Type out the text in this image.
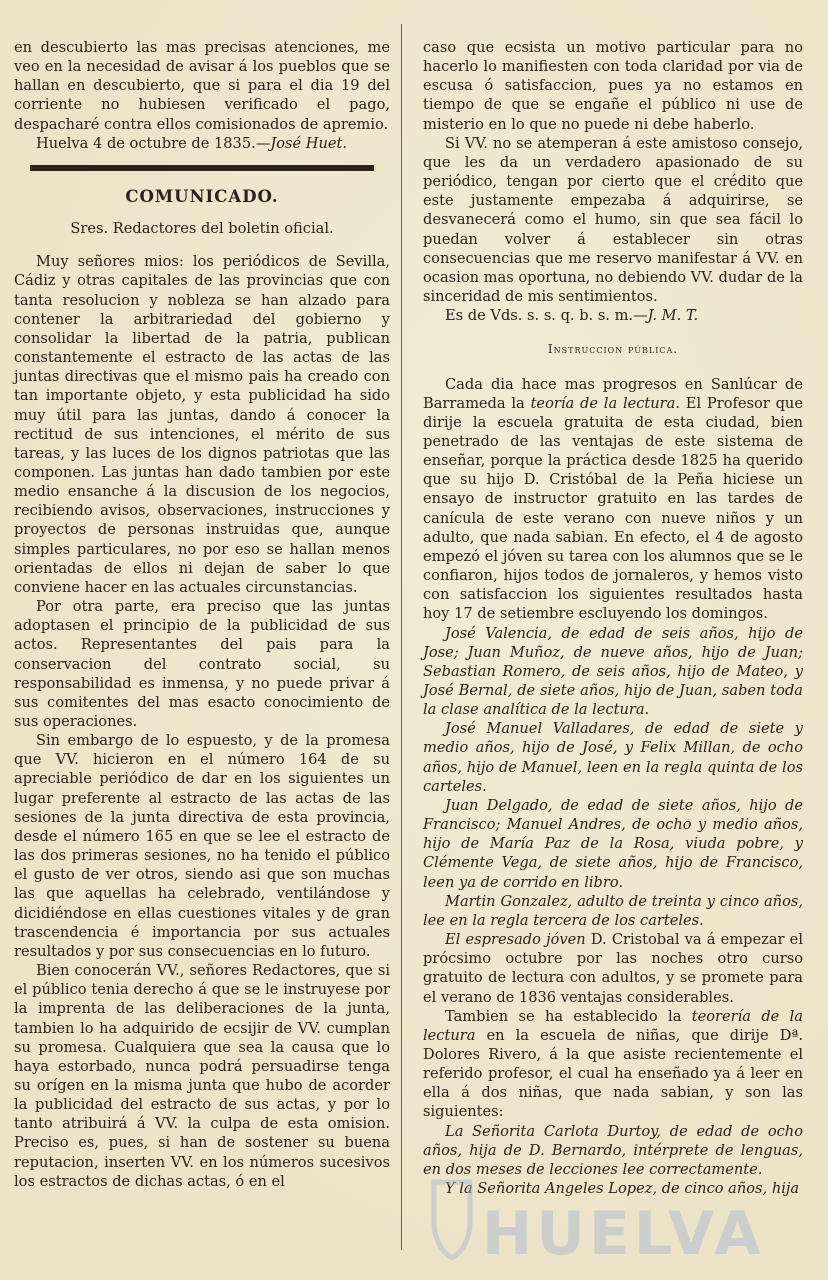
en descubierto las mas precisas atenciones, me veo en la necesidad de avisar á los pueblos que se hallan en descubierto, que si para el dia 19 del corriente no hubiesen verificado el pago, despacharé contra ellos comisionados de apremio.

Huelva 4 de octubre de 1835.—José Huet.

COMUNICADO.

Sres. Redactores del boletin oficial.

Muy señores mios: los periódicos de Sevilla, Cádiz y otras capitales de las provincias que con tanta resolucion y nobleza se han alzado para contener la arbitrariedad del gobierno y consolidar la libertad de la patria, publican constantemente el estracto de las actas de las juntas directivas que el mismo pais ha creado con tan importante objeto, y esta publicidad ha sido muy útil para las juntas, dando á conocer la rectitud de sus intenciones, el mérito de sus tareas, y las luces de los dignos patriotas que las componen. Las juntas han dado tambien por este medio ensanche á la discusion de los negocios, recibiendo avisos, observaciones, instrucciones y proyectos de personas instruidas que, aunque simples particulares, no por eso se hallan menos orientadas de ellos ni dejan de saber lo que conviene hacer en las actuales circunstancias.

Por otra parte, era preciso que las juntas adoptasen el principio de la publicidad de sus actos. Representantes del pais para la conservacion del contrato social, su responsabilidad es inmensa, y no puede privar á sus comitentes del mas esacto conocimiento de sus operaciones.

Sin embargo de lo espuesto, y de la promesa que VV. hicieron en el número 164 de su apreciable periódico de dar en los siguientes un lugar preferente al estracto de las actas de las sesiones de la junta directiva de esta provincia, desde el número 165 en que se lee el estracto de las dos primeras sesiones, no ha tenido el público el gusto de ver otros, siendo asi que son muchas las que aquellas ha celebrado, ventilándose y dicidiéndose en ellas cuestiones vitales y de gran trascendencia é importancia por sus actuales resultados y por sus consecuencias en lo futuro.

Bien conocerán VV., señores Redactores, que si el público tenia derecho á que se le instruyese por la imprenta de las deliberaciones de la junta, tambien lo ha adquirido de ecsijir de VV. cumplan su promesa. Cualquiera que sea la causa que lo haya estorbado, nunca podrá persuadirse tenga su orígen en la misma junta que hubo de acorder la publicidad del estracto de sus actas, y por lo tanto atribuirá á VV. la culpa de esta omision. Preciso es, pues, si han de sostener su buena reputacion, inserten VV. en los números sucesivos los estractos de dichas actas, ó en el

caso que ecsista un motivo particular para no hacerlo lo manifiesten con toda claridad por via de escusa ó satisfaccion, pues ya no estamos en tiempo de que se engañe el público ni use de misterio en lo que no puede ni debe haberlo.

Si VV. no se atemperan á este amistoso consejo, que les da un verdadero apasionado de su periódico, tengan por cierto que el crédito que este justamente empezaba á adquirirse, se desvanecerá como el humo, sin que sea fácil lo puedan volver á establecer sin otras consecuencias que me reservo manifestar á VV. en ocasion mas oportuna, no debiendo VV. dudar de la sinceridad de mis sentimientos.

Es de Vds. s. s. q. b. s. m.—J. M. T.

Instruccion pública.

Cada dia hace mas progresos en Sanlúcar de Barrameda la teoría de la lectura. El Profesor que dirije la escuela gratuita de esta ciudad, bien penetrado de las ventajas de este sistema de enseñar, porque la práctica desde 1825 ha querido que su hijo D. Cristóbal de la Peña hiciese un ensayo de instructor gratuito en las tardes de canícula de este verano con nueve niños y un adulto, que nada sabian. En efecto, el 4 de agosto empezó el jóven su tarea con los alumnos que se le confiaron, hijos todos de jornaleros, y hemos visto con satisfaccion los siguientes resultados hasta hoy 17 de setiembre escluyendo los domingos.

José Valencia, de edad de seis años, hijo de Jose; Juan Muñoz, de nueve años, hijo de Juan; Sebastian Romero, de seis años, hijo de Mateo, y José Bernal, de siete años, hijo de Juan, saben toda la clase analítica de la lectura.

José Manuel Valladares, de edad de siete y medio años, hijo de José, y Felix Millan, de ocho años, hijo de Manuel, leen en la regla quinta de los carteles.

Juan Delgado, de edad de siete años, hijo de Francisco; Manuel Andres, de ocho y medio años, hijo de María Paz de la Rosa, viuda pobre, y Clémente Vega, de siete años, hijo de Francisco, leen ya de corrido en libro.

Martin Gonzalez, adulto de treinta y cinco años, lee en la regla tercera de los carteles.

El espresado jóven D. Cristobal va á empezar el prócsimo octubre por las noches otro curso gratuito de lectura con adultos, y se promete para el verano de 1836 ventajas considerables.

Tambien se ha establecido la teorería de la lectura en la escuela de niñas, que dirije Dª. Dolores Rivero, á la que asiste recientemente el referido profesor, el cual ha enseñado ya á leer en ella á dos niñas, que nada sabian, y son las siguientes:

La Señorita Carlota Durtoy, de edad de ocho años, hija de D. Bernardo, intérprete de lenguas, en dos meses de lecciones lee correctamente.

Y la Señorita Angeles Lopez, de cinco años, hija

HUELVA
